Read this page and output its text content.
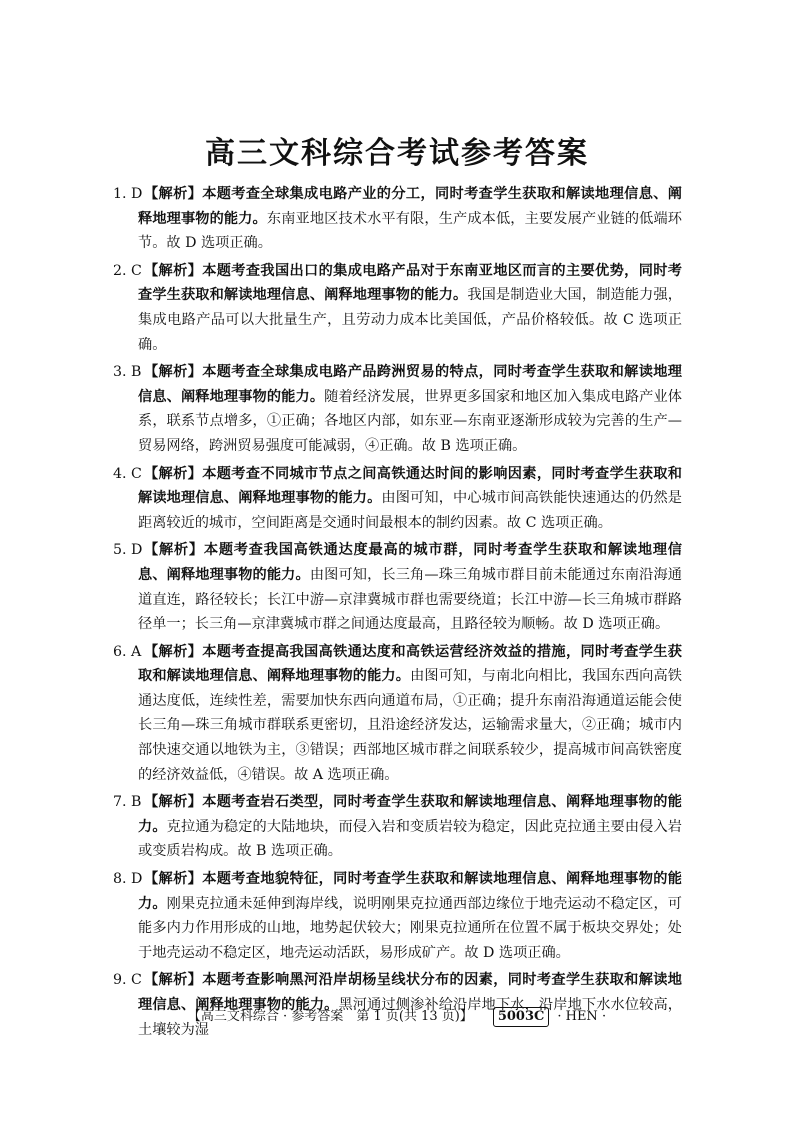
高三文科综合考试参考答案
1. D 【解析】本题考查全球集成电路产业的分工，同时考查学生获取和解读地理信息、阐释地理事物的能力。东南亚地区技术水平有限，生产成本低，主要发展产业链的低端环节。故 D 选项正确。
2. C 【解析】本题考查我国出口的集成电路产品对于东南亚地区而言的主要优势，同时考查学生获取和解读地理信息、阐释地理事物的能力。我国是制造业大国，制造能力强，集成电路产品可以大批量生产，且劳动力成本比美国低，产品价格较低。故 C 选项正确。
3. B 【解析】本题考查全球集成电路产品跨洲贸易的特点，同时考查学生获取和解读地理信息、阐释地理事物的能力。随着经济发展，世界更多国家和地区加入集成电路产业体系，联系节点增多，①正确；各地区内部，如东亚—东南亚逐渐形成较为完善的生产—贸易网络，跨洲贸易强度可能减弱，④正确。故 B 选项正确。
4. C 【解析】本题考查不同城市节点之间高铁通达时间的影响因素，同时考查学生获取和解读地理信息、阐释地理事物的能力。由图可知，中心城市间高铁能快速通达的仍然是距离较近的城市，空间距离是交通时间最根本的制约因素。故 C 选项正确。
5. D 【解析】本题考查我国高铁通达度最高的城市群，同时考查学生获取和解读地理信息、阐释地理事物的能力。由图可知，长三角—珠三角城市群目前未能通过东南沿海通道直连，路径较长；长江中游—京津冀城市群也需要绕道；长江中游—长三角城市群路径单一；长三角—京津冀城市群之间通达度最高，且路径较为顺畅。故 D 选项正确。
6. A 【解析】本题考查提高我国高铁通达度和高铁运营经济效益的措施，同时考查学生获取和解读地理信息、阐释地理事物的能力。由图可知，与南北向相比，我国东西向高铁通达度低，连续性差，需要加快东西向通道布局，①正确；提升东南沿海通道运能会使长三角—珠三角城市群联系更密切，且沿途经济发达，运输需求量大，②正确；城市内部快速交通以地铁为主，③错误；西部地区城市群之间联系较少，提高城市间高铁密度的经济效益低，④错误。故 A 选项正确。
7. B 【解析】本题考查岩石类型，同时考查学生获取和解读地理信息、阐释地理事物的能力。克拉通为稳定的大陆地块，而侵入岩和变质岩较为稳定，因此克拉通主要由侵入岩或变质岩构成。故 B 选项正确。
8. D 【解析】本题考查地貌特征，同时考查学生获取和解读地理信息、阐释地理事物的能力。刚果克拉通未延伸到海岸线，说明刚果克拉通西部边缘位于地壳运动不稳定区，可能多内力作用形成的山地，地势起伏较大；刚果克拉通所在位置不属于板块交界处；处于地壳运动不稳定区，地壳运动活跃，易形成矿产。故 D 选项正确。
9. C 【解析】本题考查影响黑河沿岸胡杨呈线状分布的因素，同时考查学生获取和解读地理信息、阐释地理事物的能力。黑河通过侧渗补给沿岸地下水，沿岸地下水水位较高，土壤较为湿
【高三文科综合 · 参考答案　第 1 页(共 13 页)】 5003C · HEN ·
